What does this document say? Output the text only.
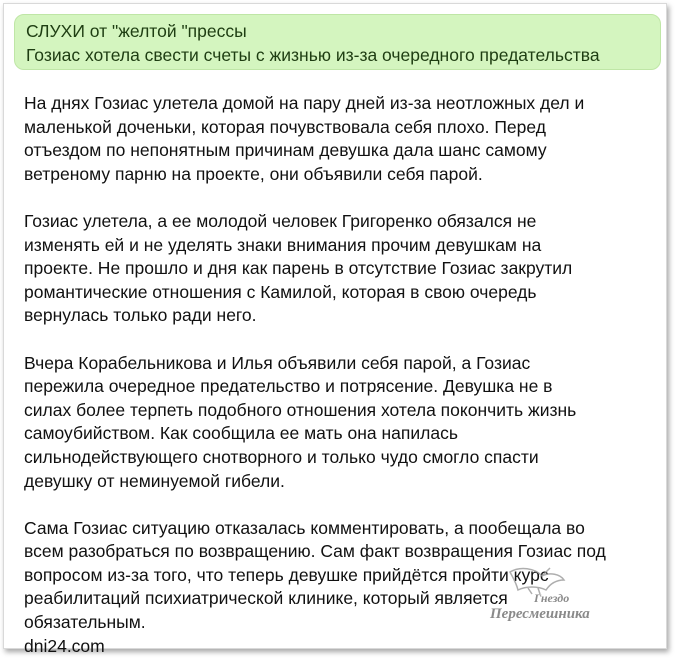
СЛУХИ от "желтой "прессы
Гозиас хотела свести счеты с жизнью из-за очередного предательства

На днях Гозиас улетела домой на пару дней из-за неотложных дел и
маленькой доченьки, которая почувствовала себя плохо. Перед
отъездом по непонятным причинам девушка дала шанс самому
ветреному парню на проекте, они объявили себя парой.

Гозиас улетела, а ее молодой человек Григоренко обязался не
изменять ей и не уделять знаки внимания прочим девушкам на
проекте. Не прошло и дня как парень в отсутствие Гозиас закрутил
романтические отношения с Камилой, которая в свою очередь
вернулась только ради него.

Вчера Корабельникова и Илья объявили себя парой, а Гозиас
пережила очередное предательство и потрясение. Девушка не в
силах более терпеть подобного отношения хотела покончить жизнь
самоубийством. Как сообщила ее мать она напилась
сильнодействующего снотворного и только чудо смогло спасти
девушку от неминуемой гибели.

Сама Гозиас ситуацию отказалась комментировать, а пообещала во
всем разобраться по возвращению. Сам факт возвращения Гозиас под
вопросом из-за того, что теперь девушке прийдётся пройти курс
реабилитаций психиатрической клинике, который является
обязательным.

dni24.com
Гнездо
Пересмешника
